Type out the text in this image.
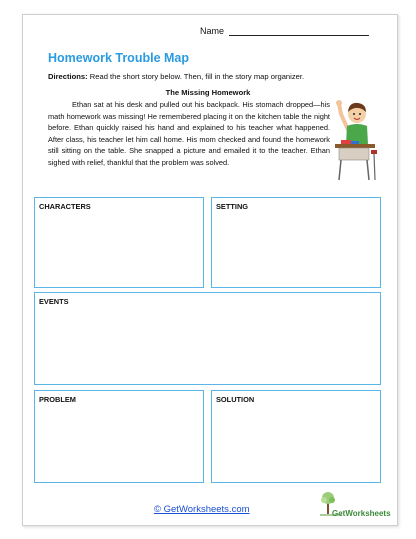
Name
Homework Trouble Map
Directions: Read the short story below. Then, fill in the story map organizer.
The Missing Homework
Ethan sat at his desk and pulled out his backpack. His stomach dropped—his math homework was missing! He remembered placing it on the kitchen table the night before. Ethan quickly raised his hand and explained to his teacher what happened. After class, his teacher let him call home. His mom checked and found the homework still sitting on the table. She snapped a picture and emailed it to the teacher. Ethan sighed with relief, thankful that the problem was solved.
CHARACTERS	SETTING
EVENTS
PROBLEM	SOLUTION
© GetWorksheets.com	GetWorksheets
